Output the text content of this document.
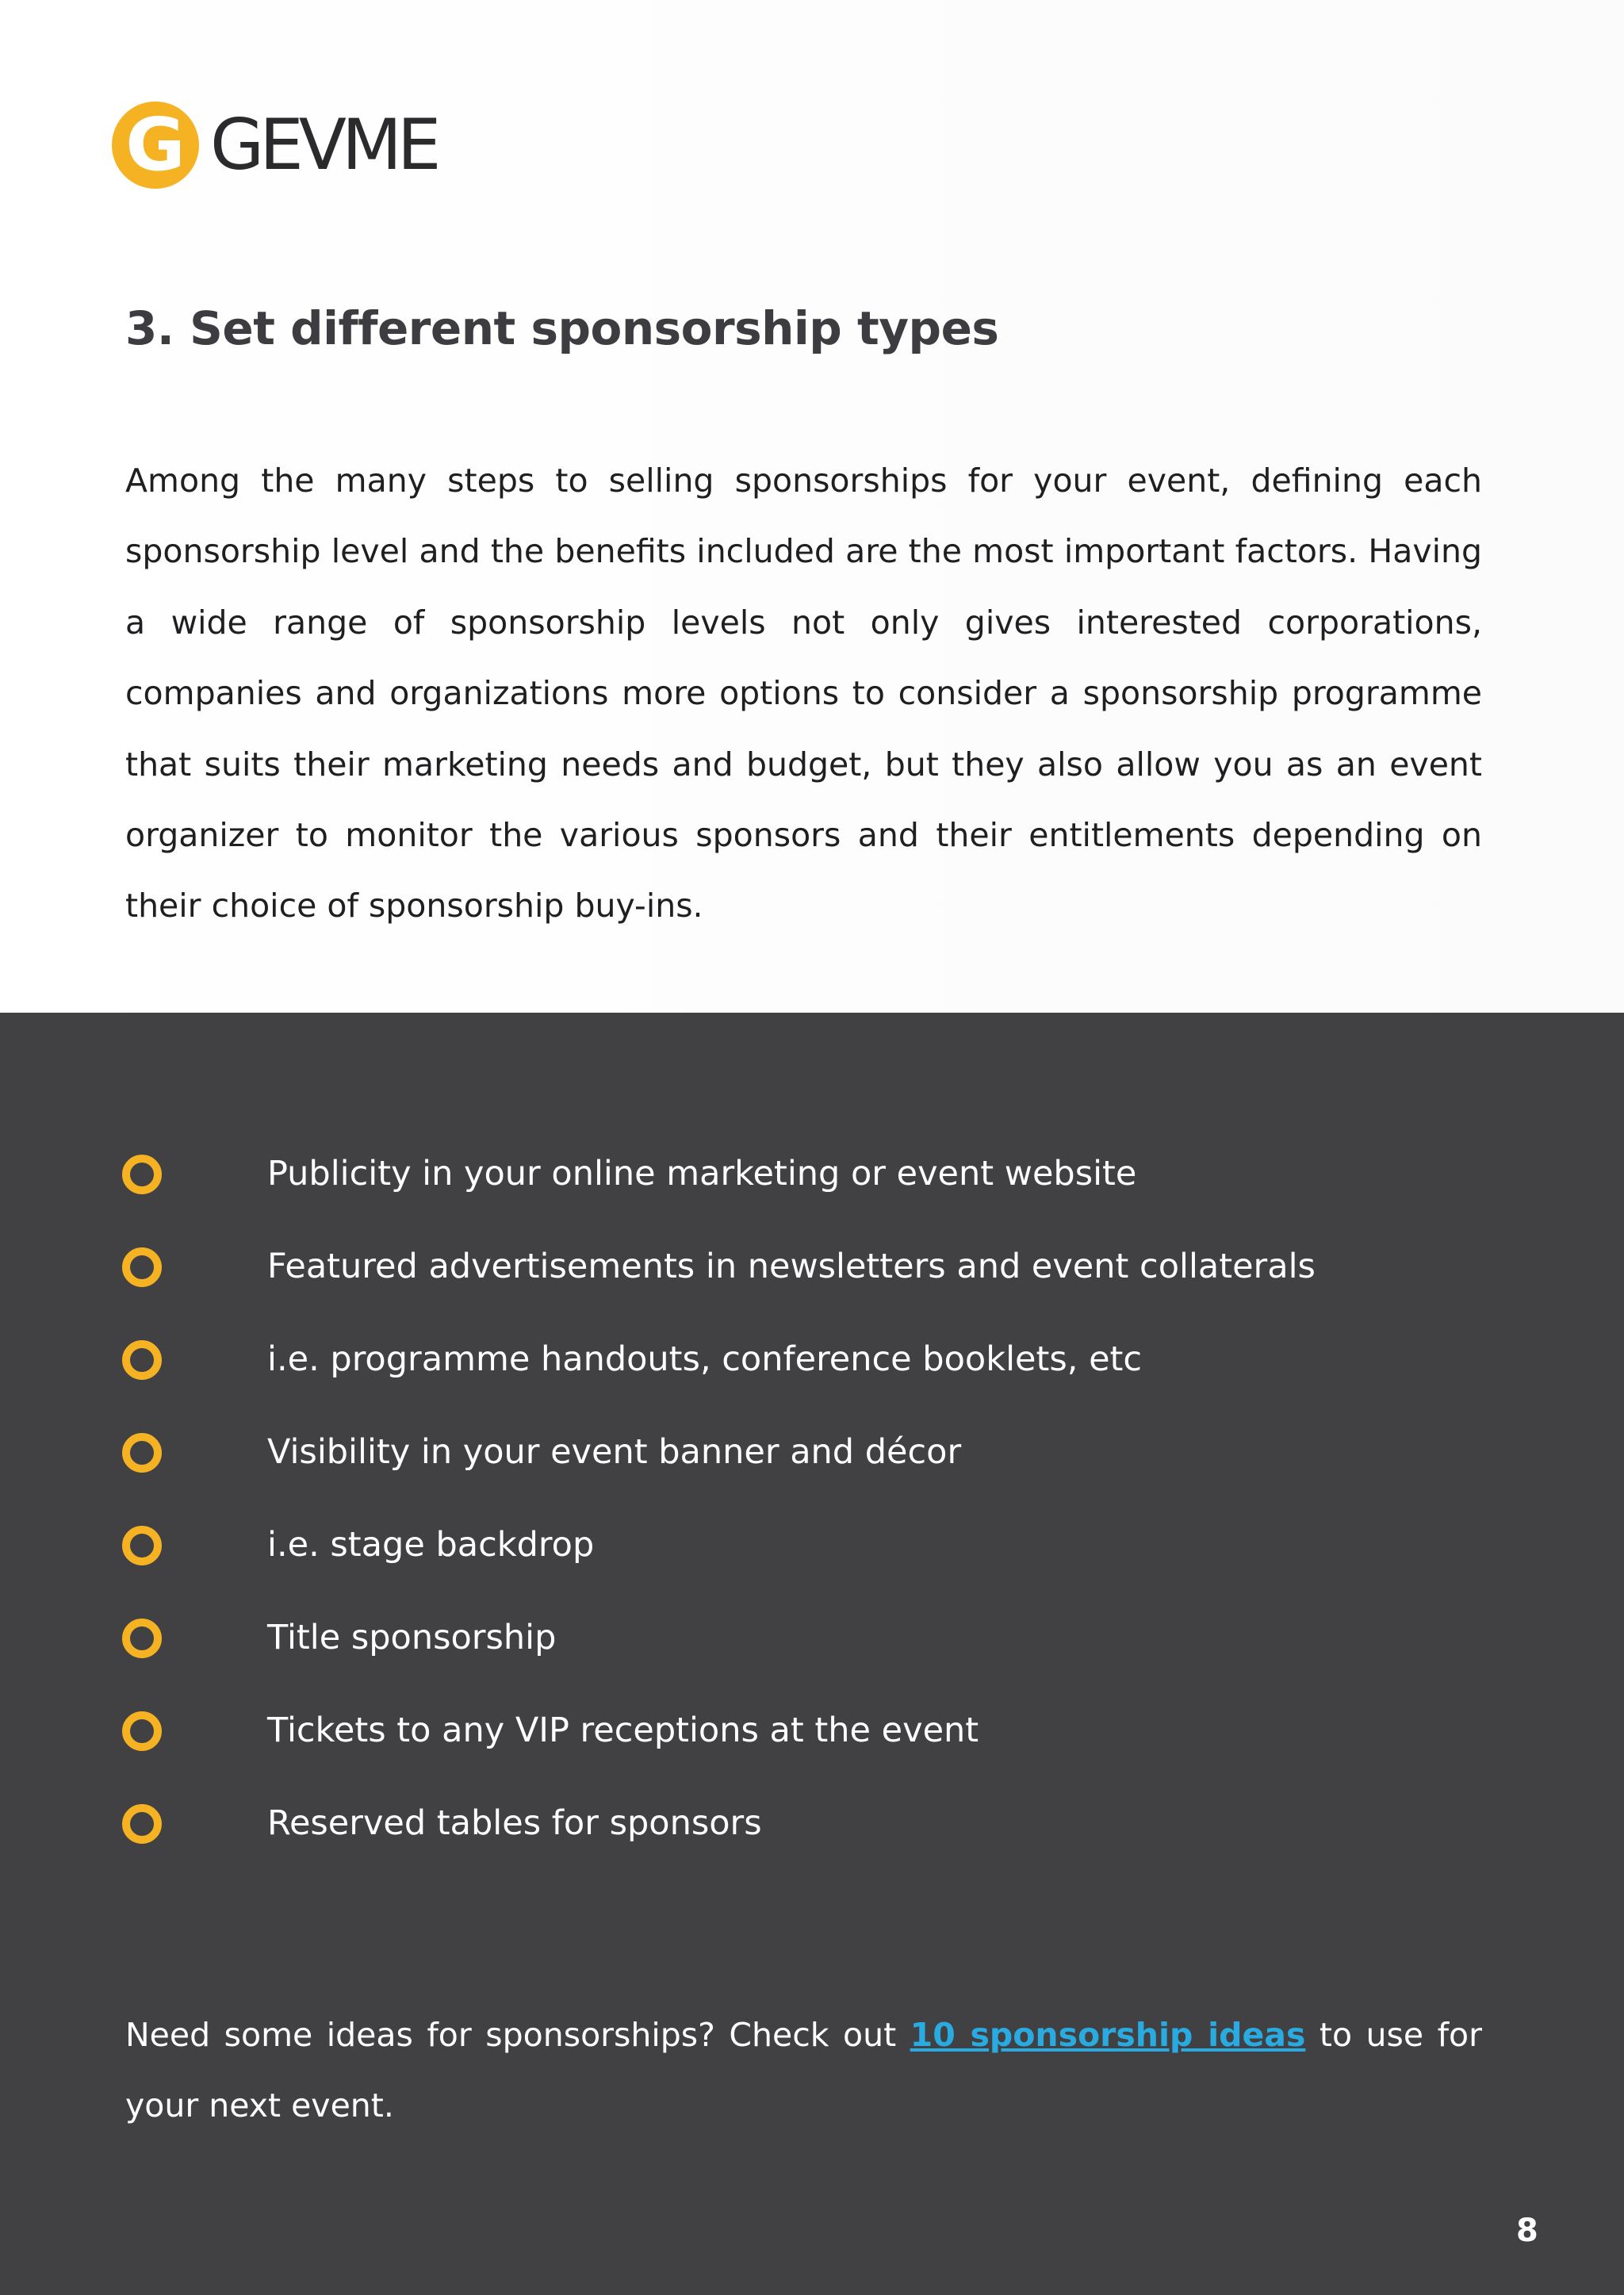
G GEVME
3. Set different sponsorship types

Among the many steps to selling sponsorships for your event, defining each sponsorship level and the benefits included are the most important factors. Having a wide range of sponsorship levels not only gives interested corporations, companies and organizations more options to consider a sponsorship programme that suits their marketing needs and budget, but they also allow you as an event organizer to monitor the various sponsors and their entitlements depending on their choice of sponsorship buy-ins.

Publicity in your online marketing or event website
Featured advertisements in newsletters and event collaterals
i.e. programme handouts, conference booklets, etc
Visibility in your event banner and décor
i.e. stage backdrop
Title sponsorship
Tickets to any VIP receptions at the event
Reserved tables for sponsors

Need some ideas for sponsorships? Check out 10 sponsorship ideas to use for your next event.

8
